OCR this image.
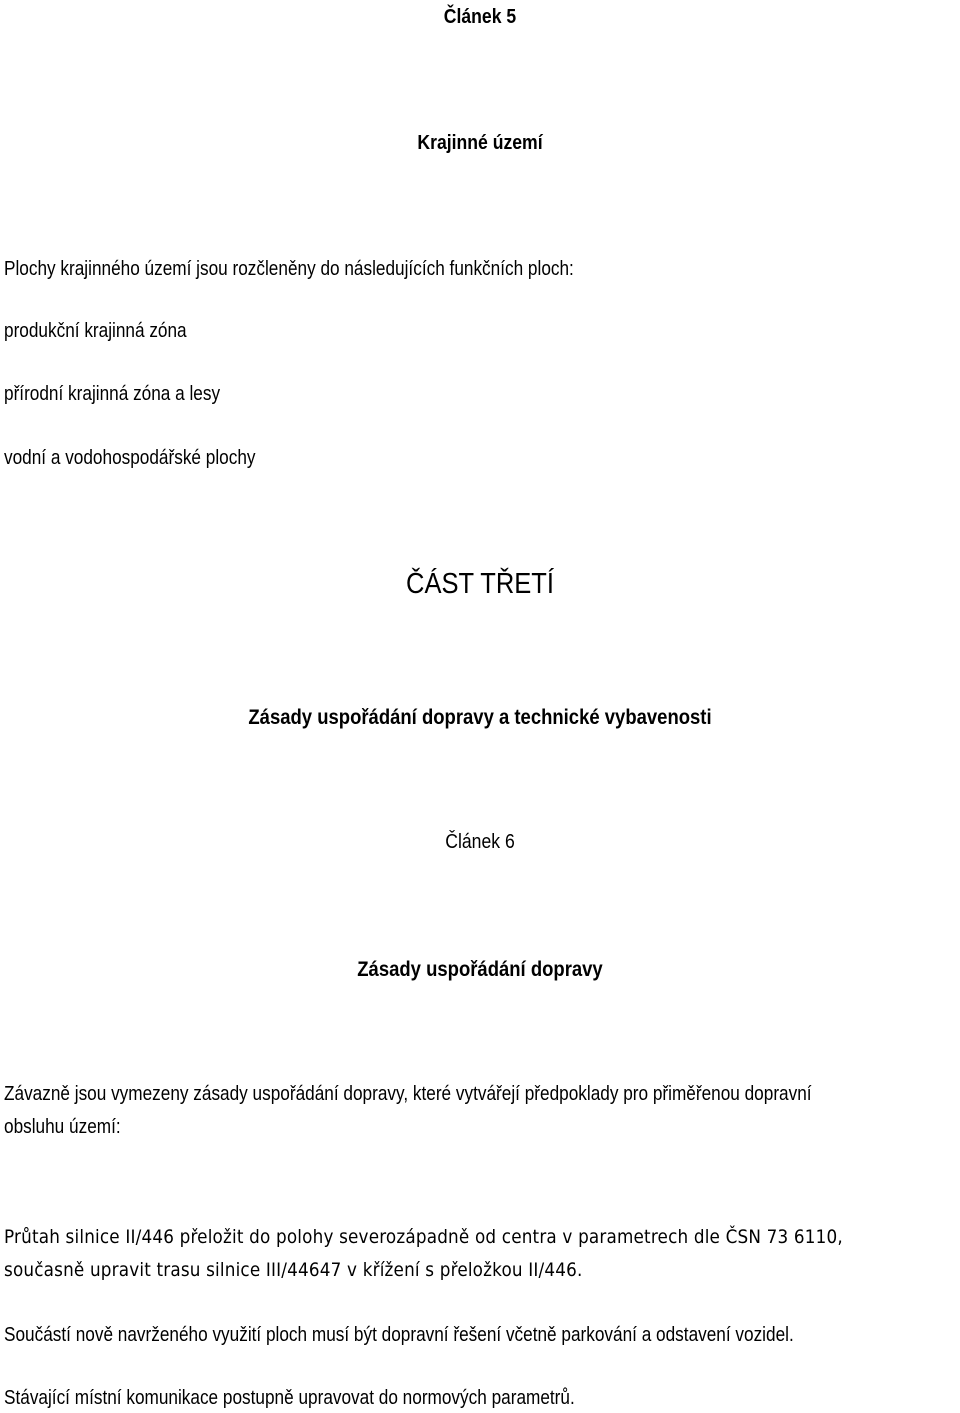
Článek 5
Krajinné území
Plochy krajinného území jsou rozčleněny do následujících funkčních ploch:
produkční krajinná zóna
přírodní krajinná zóna a lesy
vodní a vodohospodářské plochy
ČÁST TŘETÍ
Zásady uspořádání dopravy a technické vybavenosti
Článek 6
Zásady uspořádání dopravy
Závazně jsou vymezeny zásady uspořádání dopravy, které vytvářejí předpoklady pro přiměřenou dopravní
obsluhu území:
Průtah silnice II/446 přeložit do polohy severozápadně od centra v parametrech dle ČSN 73 6110,
současně upravit trasu silnice III/44647 v křížení s přeložkou II/446.
Součástí nově navrženého využití ploch musí být dopravní řešení včetně parkování a odstavení vozidel.
Stávající místní komunikace postupně upravovat do normových parametrů.
